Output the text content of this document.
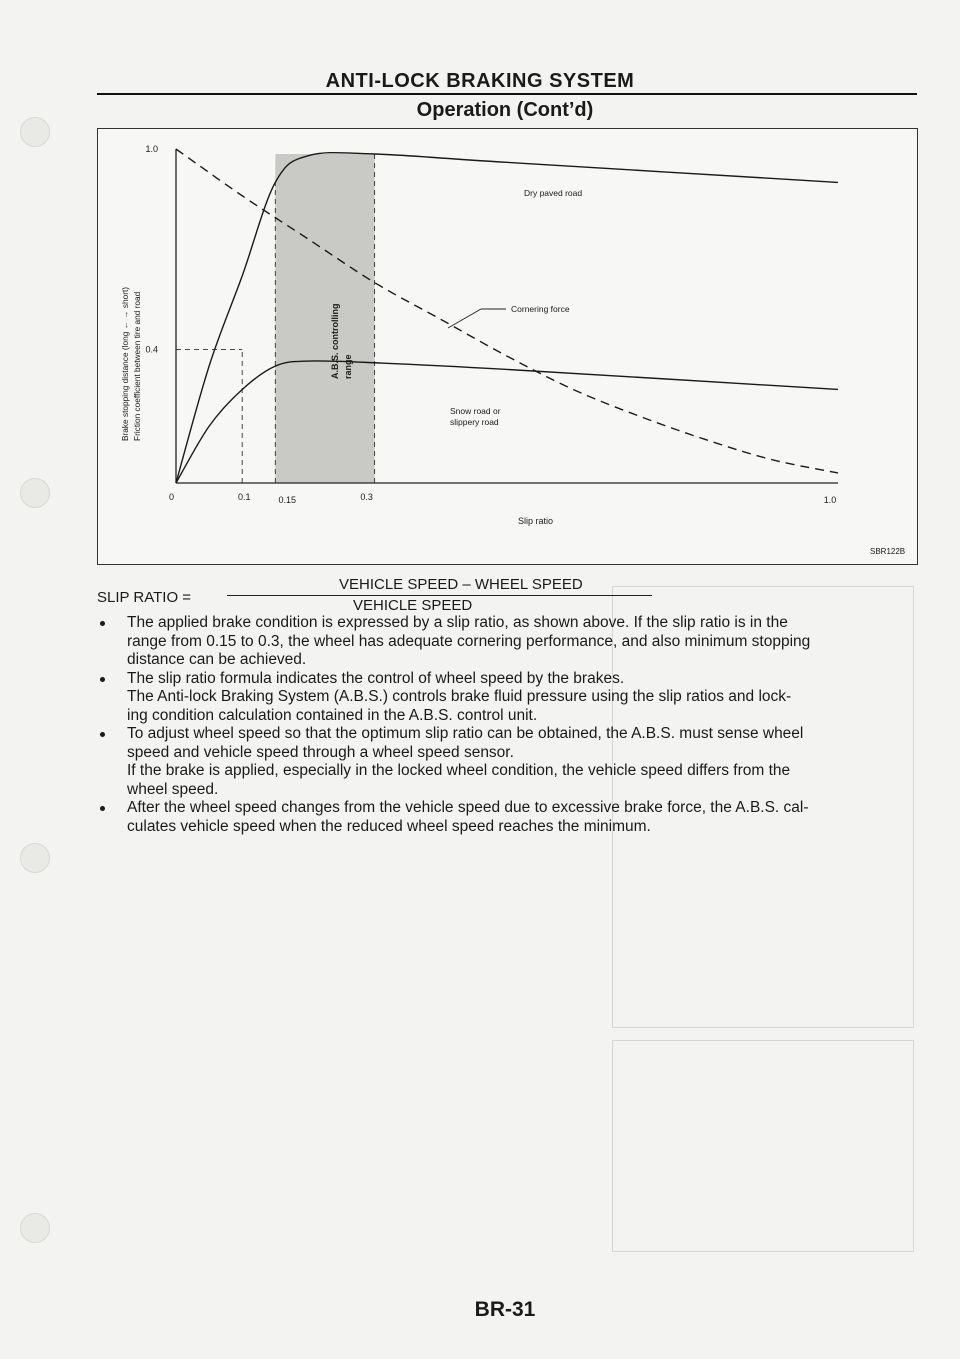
ANTI-LOCK BRAKING SYSTEM
Operation (Cont’d)
1.0
0.4
0	0.1	0.15	0.3	1.0
Slip ratio
Brake stopping distance (long ← → short) Friction coefficient between tire and road	A.B.S. controlling range
Dry paved road
Cornering force
Snow road or
slippery road
SBR122B
SLIP RATIO =
VEHICLE SPEED – WHEEL SPEED
VEHICLE SPEED
The applied brake condition is expressed by a slip ratio, as shown above. If the slip ratio is in the
range from 0.15 to 0.3, the wheel has adequate cornering performance, and also minimum stopping
distance can be achieved.
The slip ratio formula indicates the control of wheel speed by the brakes.
The Anti-lock Braking System (A.B.S.) controls brake fluid pressure using the slip ratios and lock-
ing condition calculation contained in the A.B.S. control unit.
To adjust wheel speed so that the optimum slip ratio can be obtained, the A.B.S. must sense wheel
speed and vehicle speed through a wheel speed sensor.
If the brake is applied, especially in the locked wheel condition, the vehicle speed differs from the
wheel speed.
After the wheel speed changes from the vehicle speed due to excessive brake force, the A.B.S. cal-
culates vehicle speed when the reduced wheel speed reaches the minimum.
BR-31
